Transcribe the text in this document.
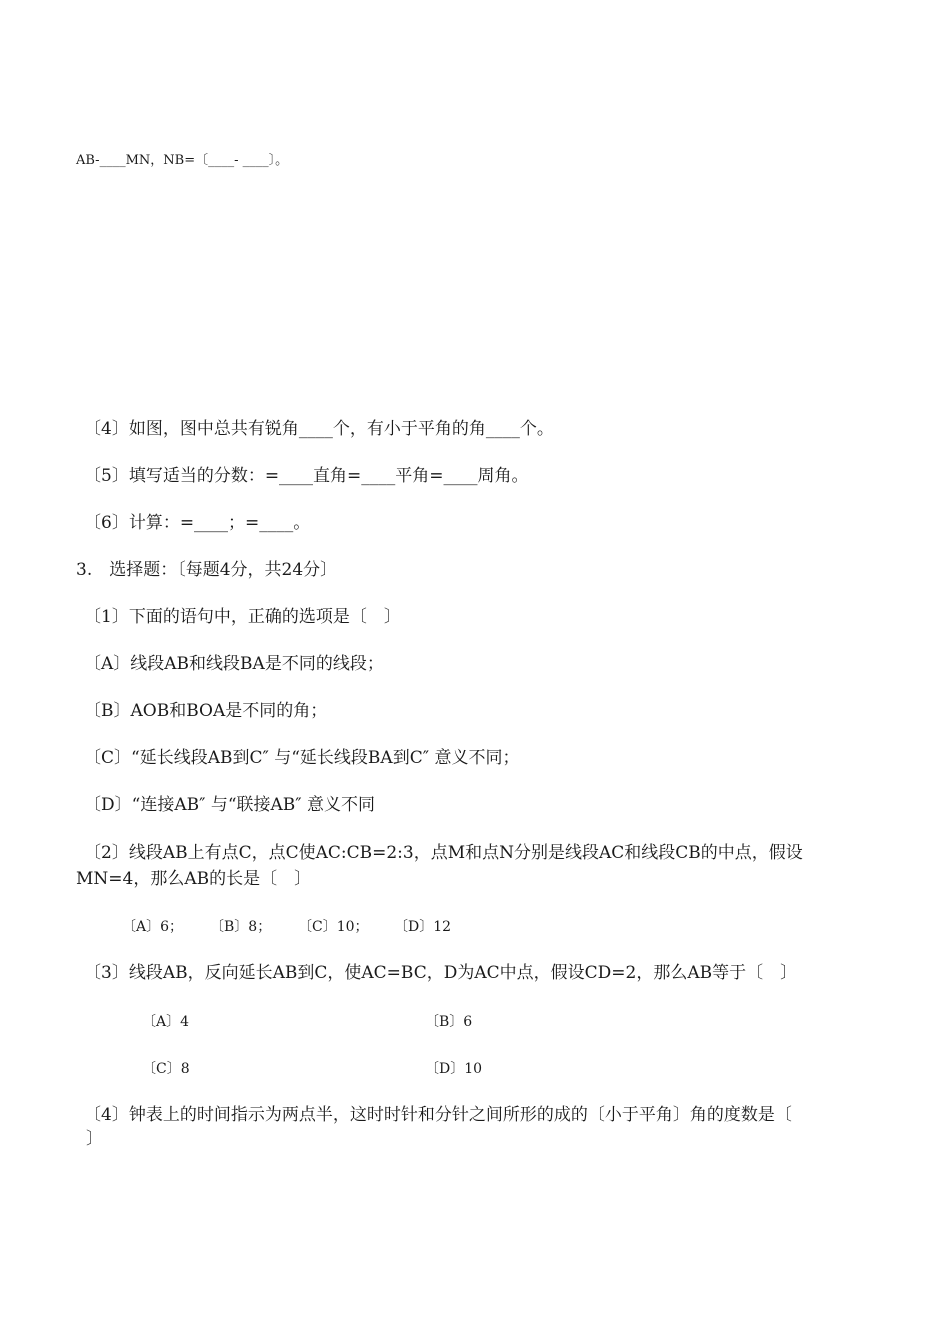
AB-____MN，NB=〔____- ____〕。
〔4〕如图，图中总共有锐角____个，有小于平角的角____个。
〔5〕填写适当的分数：=____直角=____平角=____周角。
〔6〕计算：=____；=____。
3.　选择题：〔每题4分，共24分〕
〔1〕下面的语句中，正确的选项是〔　〕
〔A〕线段AB和线段BA是不同的线段；
〔B〕AOB和BOA是不同的角；
〔C〕“延长线段AB到C″ 与“延长线段BA到C″ 意义不同；
〔D〕“连接AB″ 与“联接AB″ 意义不同
〔2〕线段AB上有点C，点C使AC:CB=2:3，点M和点N分别是线段AC和线段CB的中点，假设
MN=4，那么AB的长是〔　〕
〔A〕6； 〔B〕8； 〔C〕10； 〔D〕12
〔3〕线段AB，反向延长AB到C，使AC=BC，D为AC中点，假设CD=2，那么AB等于〔　〕
〔A〕4	〔B〕6
〔C〕8	〔D〕10
〔4〕钟表上的时间指示为两点半，这时时针和分针之间所形的成的〔小于平角〕角的度数是〔
〕
